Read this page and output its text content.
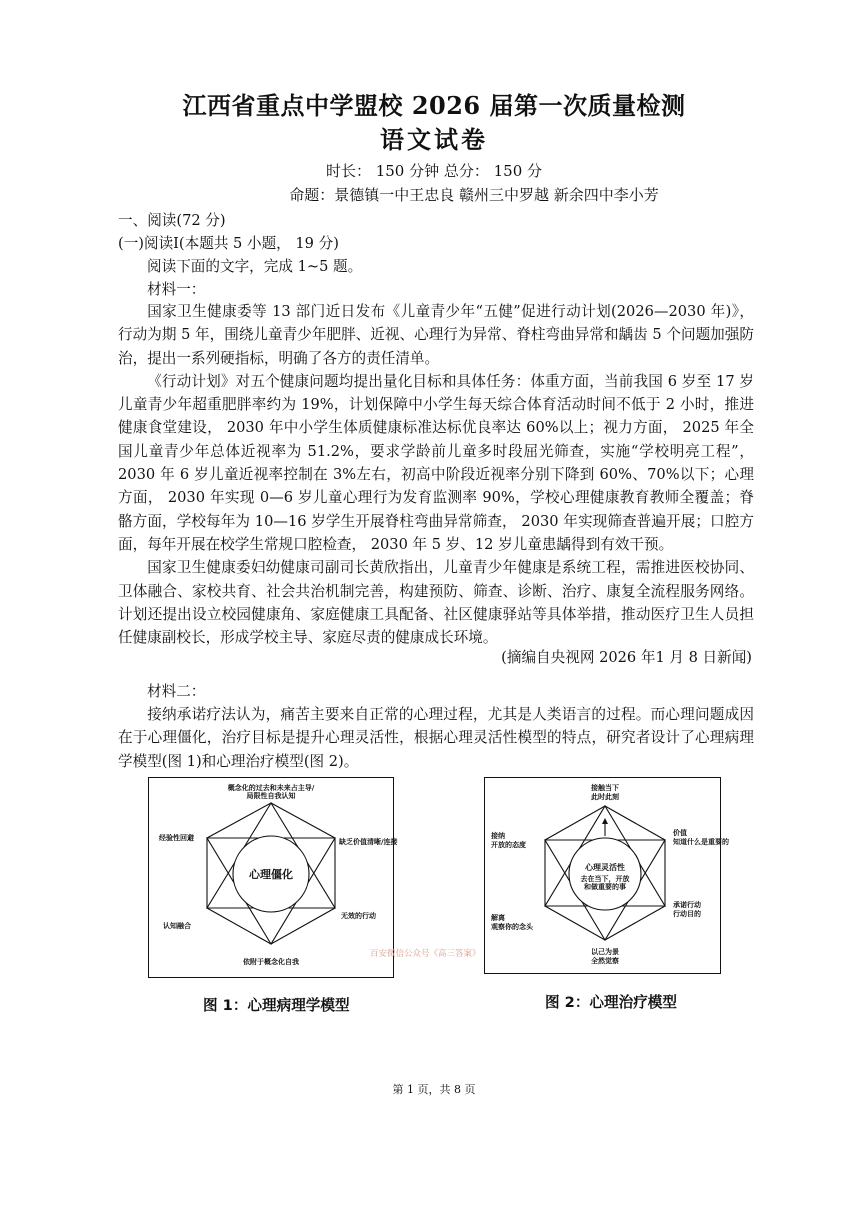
江西省重点中学盟校 2026 届第一次质量检测
语文试卷
时长： 150 分钟 总分： 150 分
命题：景德镇一中王忠良 赣州三中罗越 新余四中李小芳
一、阅读(72 分)
(一)阅读Ⅰ(本题共 5 小题， 19 分)
阅读下面的文字，完成 1~5 题。
材料一：
国家卫生健康委等 13 部门近日发布《儿童青少年“五健”促进行动计划(2026—2030 年)》，行动为期 5 年，围绕儿童青少年肥胖、近视、心理行为异常、脊柱弯曲异常和龋齿 5 个问题加强防治，提出一系列硬指标，明确了各方的责任清单。
《行动计划》对五个健康问题均提出量化目标和具体任务：体重方面，当前我国 6 岁至 17 岁儿童青少年超重肥胖率约为 19%，计划保障中小学生每天综合体育活动时间不低于 2 小时，推进健康食堂建设， 2030 年中小学生体质健康标准达标优良率达 60%以上；视力方面， 2025 年全国儿童青少年总体近视率为 51.2%，要求学龄前儿童多时段屈光筛查，实施“学校明亮工程”， 2030 年 6 岁儿童近视率控制在 3%左右，初高中阶段近视率分别下降到 60%、70%以下；心理方面， 2030 年实现 0—6 岁儿童心理行为发育监测率 90%，学校心理健康教育教师全覆盖；脊骼方面，学校每年为 10—16 岁学生开展脊柱弯曲异常筛查， 2030 年实现筛查普遍开展；口腔方面，每年开展在校学生常规口腔检查， 2030 年 5 岁、12 岁儿童患龋得到有效干预。
国家卫生健康委妇幼健康司副司长黄欣指出，儿童青少年健康是系统工程，需推进医校协同、卫体融合、家校共育、社会共治机制完善，构建预防、筛查、诊断、治疗、康复全流程服务网络。计划还提出设立校园健康角、家庭健康工具配备、社区健康驿站等具体举措，推动医疗卫生人员担任健康副校长，形成学校主导、家庭尽责的健康成长环境。
(摘编自央视网 2026 年1 月 8 日新闻)
材料二：
接纳承诺疗法认为，痛苦主要来自正常的心理过程，尤其是人类语言的过程。而心理问题成因在于心理僵化，治疗目标是提升心理灵活性，根据心理灵活性模型的特点，研究者设计了心理病理学模型(图 1)和心理治疗模型(图 2)。
概念化的过去和未来占主导/
局限性自我认知
经验性回避	缺乏价值清晰/连接
无效的行动
认知融合
依附于概念化自我
心理僵化
图 1：心理病理学模型
接触当下
此时此刻
接纳
开放的态度
价值
知道什么是重要的
承诺行动
行动目的
解离
观察你的念头
以己为景
全然觉察
心理灵活性
去在当下，开放
和做重要的事
图 2：心理治疗模型
百安微信公众号《高三答案》
第 1 页，共 8 页
